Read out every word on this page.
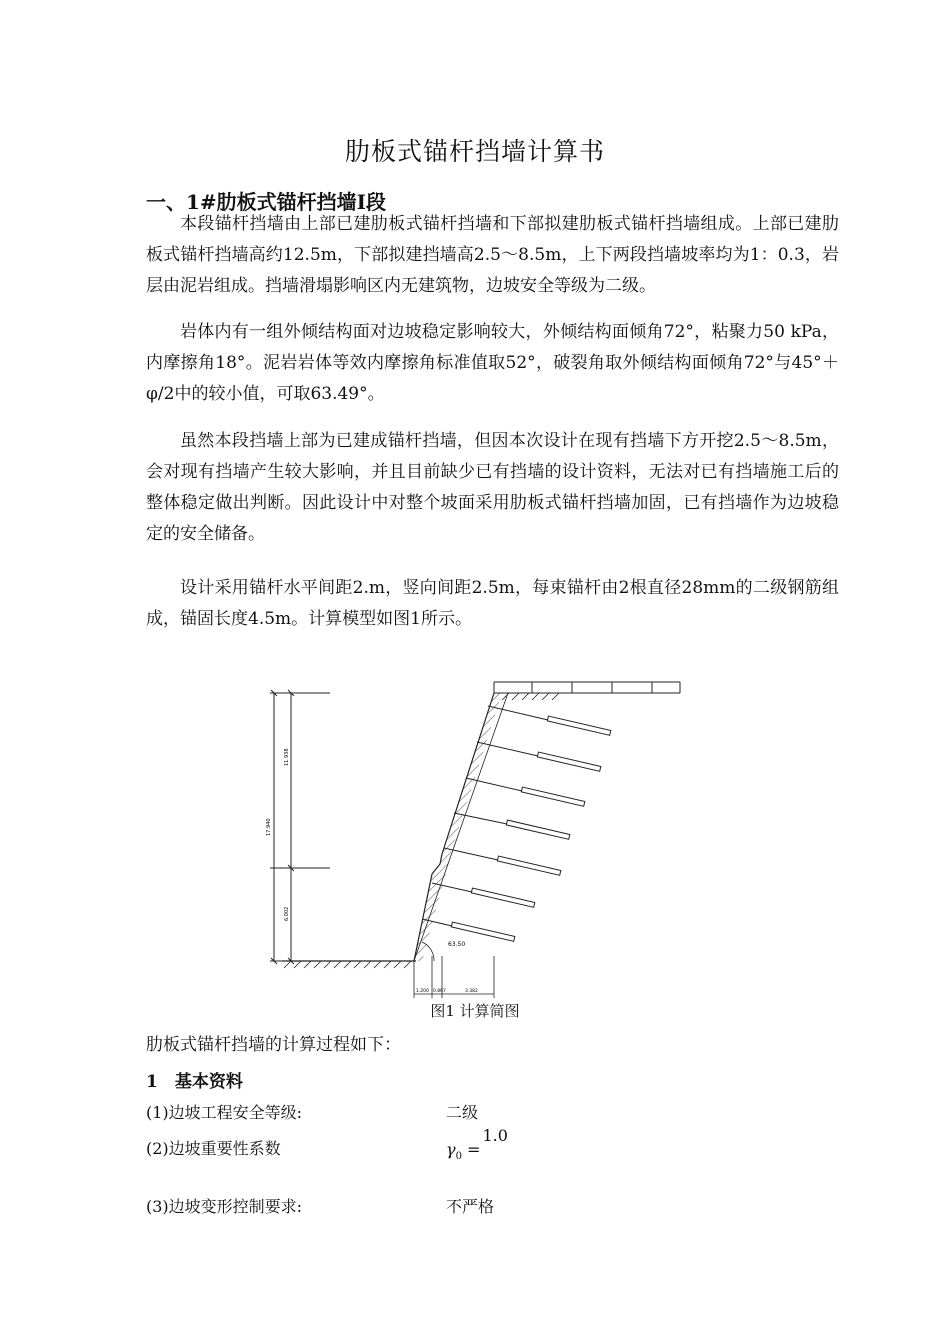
肋板式锚杆挡墙计算书
一、1#肋板式锚杆挡墙Ⅰ段

本段锚杆挡墙由上部已建肋板式锚杆挡墙和下部拟建肋板式锚杆挡墙组成。上部已建肋板式锚杆挡墙高约12.5m，下部拟建挡墙高2.5～8.5m，上下两段挡墙坡率均为1：0.3，岩层由泥岩组成。挡墙滑塌影响区内无建筑物，边坡安全等级为二级。

岩体内有一组外倾结构面对边坡稳定影响较大，外倾结构面倾角72°，粘聚力50 kPa，内摩擦角18°。泥岩岩体等效内摩擦角标准值取52°，破裂角取外倾结构面倾角72°与45°＋φ/2中的较小值，可取63.49°。

虽然本段挡墙上部为已建成锚杆挡墙，但因本次设计在现有挡墙下方开挖2.5～8.5m，会对现有挡墙产生较大影响，并且目前缺少已有挡墙的设计资料，无法对已有挡墙施工后的整体稳定做出判断。因此设计中对整个坡面采用肋板式锚杆挡墙加固，已有挡墙作为边坡稳定的安全储备。

设计采用锚杆水平间距2.m，竖向间距2.5m，每束锚杆由2根直径28mm的二级钢筋组成，锚固长度4.5m。计算模型如图1所示。

17.940
11.938
6.002
63.50
1.200 0.867	3.382
图1 计算简图
肋板式锚杆挡墙的计算过程如下：
1　基本资料
(1)边坡工程安全等级:	二级
(2)边坡重要性系数	$\gamma_0 =1.0$
(3)边坡变形控制要求:	不严格
